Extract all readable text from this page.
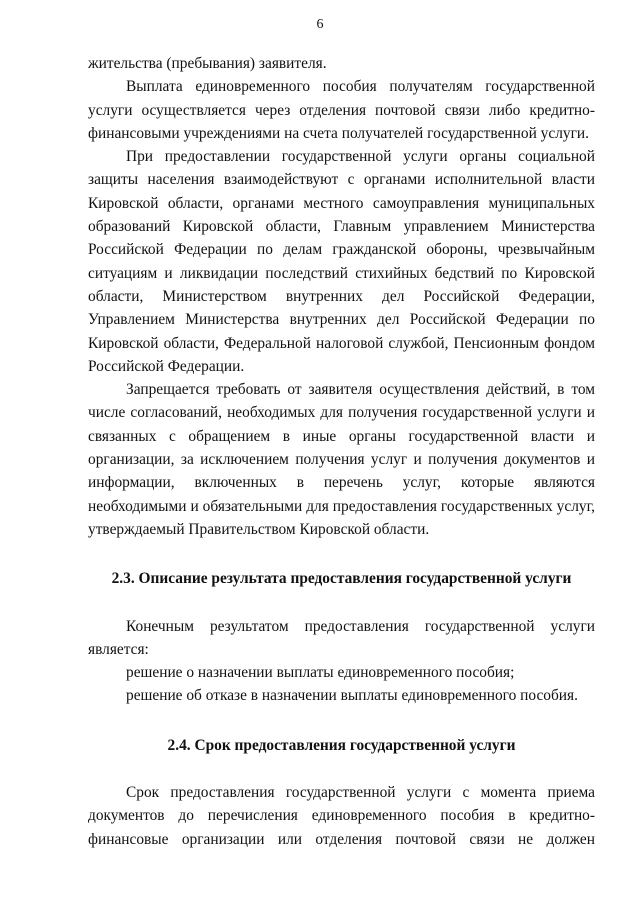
6

жительства (пребывания) заявителя.

Выплата единовременного пособия получателям государственной услуги осуществляется через отделения почтовой связи либо кредитно-финансовыми учреждениями на счета получателей государственной услуги.

При предоставлении государственной услуги органы социальной защиты населения взаимодействуют с органами исполнительной власти Кировской области, органами местного самоуправления муниципальных образований Кировской области, Главным управлением Министерства Российской Федерации по делам гражданской обороны, чрезвычайным ситуациям и ликвидации последствий стихийных бедствий по Кировской области, Министерством внутренних дел Российской Федерации, Управлением Министерства внутренних дел Российской Федерации по Кировской области, Федеральной налоговой службой, Пенсионным фондом Российской Федерации.

Запрещается требовать от заявителя осуществления действий, в том числе согласований, необходимых для получения государственной услуги и связанных с обращением в иные органы государственной власти и организации, за исключением получения услуг и получения документов и информации, включенных в перечень услуг, которые являются необходимыми и обязательными для предоставления государственных услуг, утверждаемый Правительством Кировской области.

2.3. Описание результата предоставления государственной услуги

Конечным результатом предоставления государственной услуги является:

решение о назначении выплаты единовременного пособия;

решение об отказе в назначении выплаты единовременного пособия.

2.4. Срок предоставления государственной услуги

Срок предоставления государственной услуги с момента приема документов до перечисления единовременного пособия в кредитно-финансовые организации или отделения почтовой связи не должен
